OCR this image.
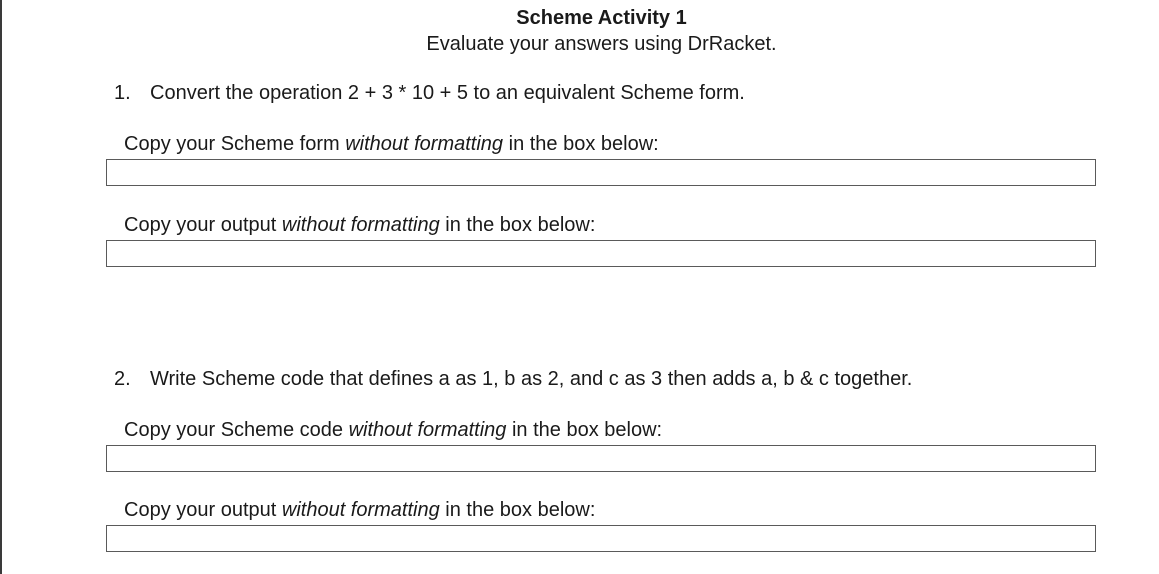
Scheme Activity 1
Evaluate your answers using DrRacket.
1. Convert the operation 2 + 3 * 10 + 5 to an equivalent Scheme form.
Copy your Scheme form without formatting in the box below:
Copy your output without formatting in the box below:
2. Write Scheme code that defines a as 1, b as 2, and c as 3 then adds a, b & c together.
Copy your Scheme code without formatting in the box below:
Copy your output without formatting in the box below:
